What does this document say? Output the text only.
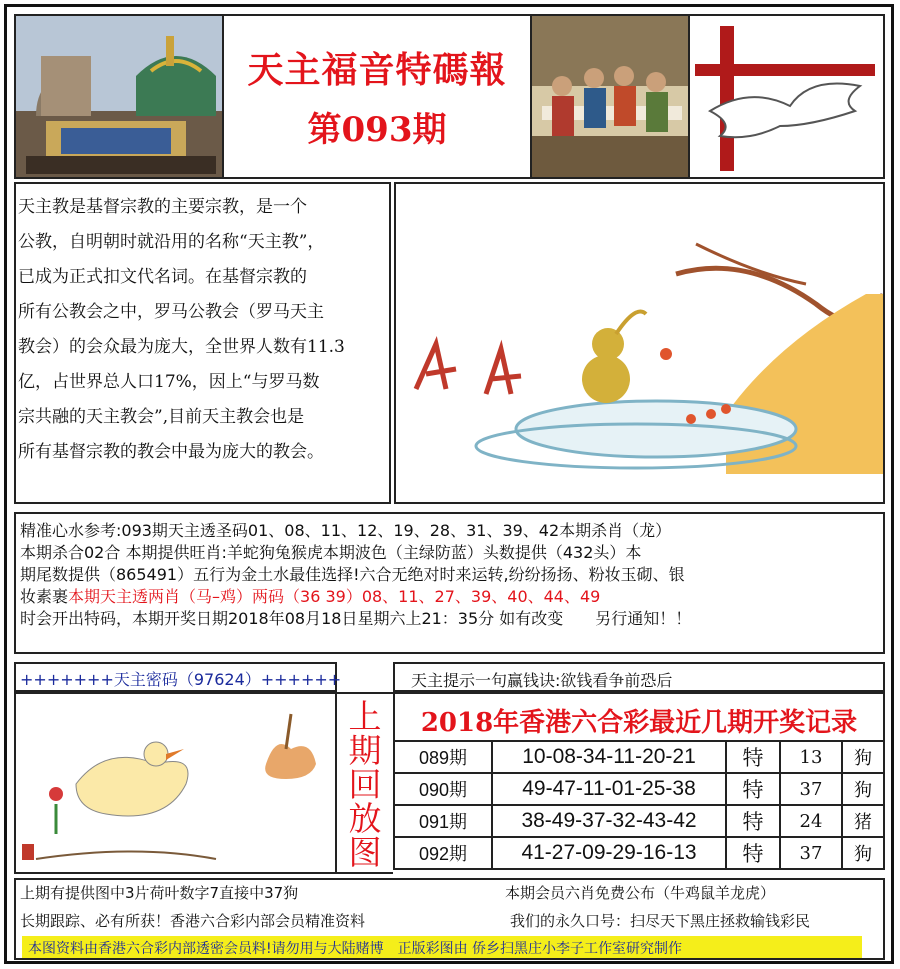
天主福音特碼報
第093期
天主教是基督宗教的主要宗教，是一个
公教，自明朝时就沿用的名称“天主教”，
已成为正式扣文代名词。在基督宗教的
所有公教会之中，罗马公教会（罗马天主
教会）的会众最为庞大，全世界人数有11.3
亿，占世界总人口17%，因上“与罗马数
宗共融的天主教会”,目前天主教会也是
所有基督宗教的教会中最为庞大的教会。
精准心水参考:093期天主透圣码01、08、11、12、19、28、31、39、42本期杀肖（龙）
本期杀合02合 本期提供旺肖:羊蛇狗兔猴虎本期波色（主绿防蓝）头数提供（432头）本
期尾数提供（865491）五行为金土水最佳选择!六合无绝对时来运转,纷纷扬扬、粉妆玉砌、银
妆素裹本期天主透两肖（马–鸡）两码（36 39）08、11、27、39、40、44、49
时会开出特码，本期开奖日期2018年08月18日星期六上21：35分 如有改变　　另行通知！！
+++++++天主密码（97624）++++++	天主提示一句赢钱诀:欲钱看争前恐后
上
期
回
放
图
2018年香港六合彩最近几期开奖记录
089期	10-08-34-11-20-21	特	13	狗
090期	49-47-11-01-25-38	特	37	狗
091期	38-49-37-32-43-42	特	24	猪
092期	41-27-09-29-16-13	特	37	狗
上期有提供图中3片荷叶数字7直接中37狗	本期会员六肖免费公布（牛鸡鼠羊龙虎）
长期跟踪、必有所获！香港六合彩内部会员精准资料	我们的永久口号：扫尽天下黑庄拯救输钱彩民
本图资料由香港六合彩内部透密会员料!请勿用与大陆赌博　正版彩图由 侨乡扫黑庄小李子工作室研究制作
